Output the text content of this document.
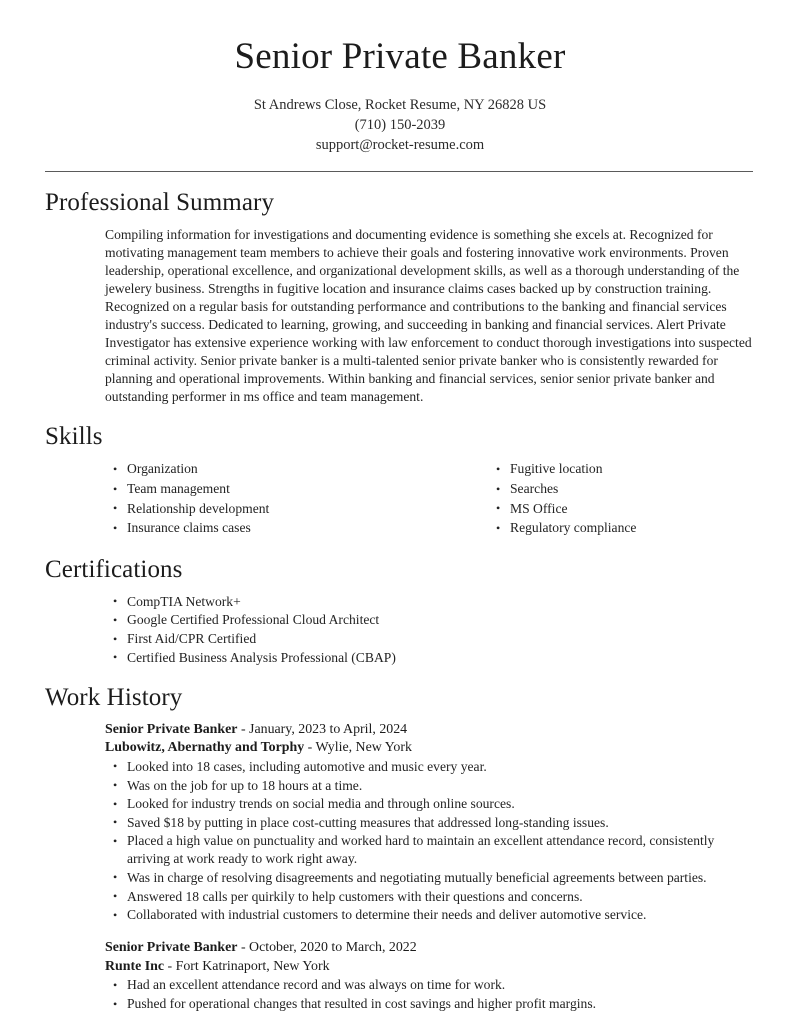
Senior Private Banker

St Andrews Close, Rocket Resume, NY 26828 US

(710) 150-2039

support@rocket-resume.com

Professional Summary

Compiling information for investigations and documenting evidence is something she excels at. Recognized for motivating management team members to achieve their goals and fostering innovative work environments. Proven leadership, operational excellence, and organizational development skills, as well as a thorough understanding of the jewelery business. Strengths in fugitive location and insurance claims cases backed up by construction training. Recognized on a regular basis for outstanding performance and contributions to the banking and financial services industry's success. Dedicated to learning, growing, and succeeding in banking and financial services. Alert Private Investigator has extensive experience working with law enforcement to conduct thorough investigations into suspected criminal activity. Senior private banker is a multi-talented senior private banker who is consistently rewarded for planning and operational improvements. Within banking and financial services, senior senior private banker and outstanding performer in ms office and team management.

Skills
• Organization
• Team management
• Relationship development
• Insurance claims cases
• Fugitive location
• Searches
• MS Office
• Regulatory compliance
Certifications
• CompTIA Network+
• Google Certified Professional Cloud Architect
• First Aid/CPR Certified
• Certified Business Analysis Professional (CBAP)
Work History

Senior Private Banker - January, 2023 to April, 2024

Lubowitz, Abernathy and Torphy - Wylie, New York

• Looked into 18 cases, including automotive and music every year.
• Was on the job for up to 18 hours at a time.
• Looked for industry trends on social media and through online sources.
• Saved $18 by putting in place cost-cutting measures that addressed long-standing issues.
• Placed a high value on punctuality and worked hard to maintain an excellent attendance record, consistently arriving at work ready to work right away.
• Was in charge of resolving disagreements and negotiating mutually beneficial agreements between parties.
• Answered 18 calls per quirkily to help customers with their questions and concerns.
• Collaborated with industrial customers to determine their needs and deliver automotive service.

Senior Private Banker - October, 2020 to March, 2022

Runte Inc - Fort Katrinaport, New York

• Had an excellent attendance record and was always on time for work.
• Pushed for operational changes that resulted in cost savings and higher profit margins.
